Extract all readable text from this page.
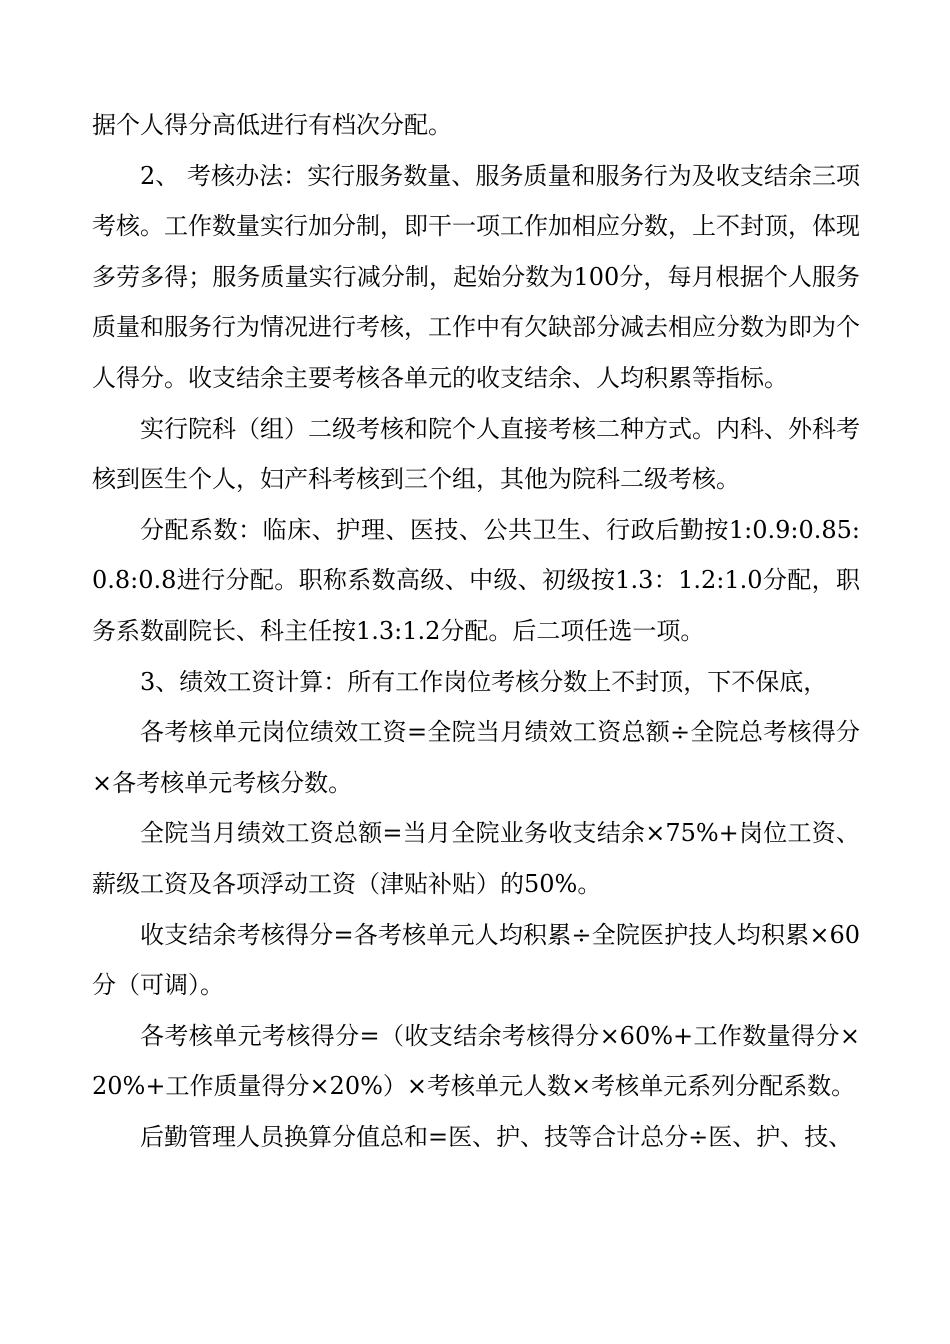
据个人得分高低进行有档次分配。

2、 考核办法：实行服务数量、服务质量和服务行为及收支结余三项考核。工作数量实行加分制，即干一项工作加相应分数，上不封顶，体现多劳多得；服务质量实行减分制，起始分数为100分，每月根据个人服务质量和服务行为情况进行考核，工作中有欠缺部分减去相应分数为即为个人得分。收支结余主要考核各单元的收支结余、人均积累等指标。

实行院科（组）二级考核和院个人直接考核二种方式。内科、外科考核到医生个人，妇产科考核到三个组，其他为院科二级考核。

分配系数：临床、护理、医技、公共卫生、行政后勤按1:0.9:0.85:0.8:0.8进行分配。职称系数高级、中级、初级按1.3：1.2:1.0分配，职务系数副院长、科主任按1.3:1.2分配。后二项任选一项。

3、绩效工资计算：所有工作岗位考核分数上不封顶，下不保底，

各考核单元岗位绩效工资=全院当月绩效工资总额÷全院总考核得分×各考核单元考核分数。

全院当月绩效工资总额=当月全院业务收支结余×75%+岗位工资、薪级工资及各项浮动工资（津贴补贴）的50%。

收支结余考核得分=各考核单元人均积累÷全院医护技人均积累×60分（可调）。

各考核单元考核得分=（收支结余考核得分×60%+工作数量得分×20%+工作质量得分×20%）×考核单元人数×考核单元系列分配系数。

后勤管理人员换算分值总和=医、护、技等合计总分÷医、护、技、
